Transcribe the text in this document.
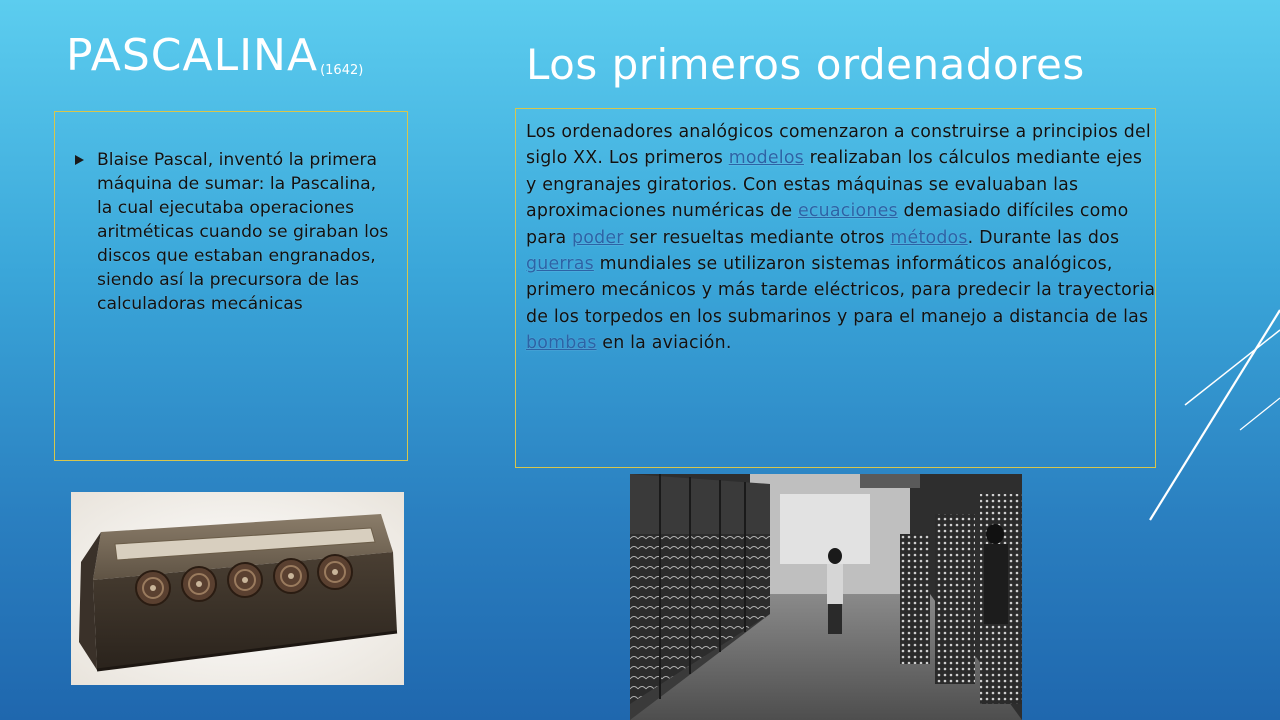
PASCALINA (1642)	Los primeros ordenadores
Blaise Pascal, inventó la primera máquina de sumar: la Pascalina, la cual ejecutaba operaciones aritméticas cuando se giraban los discos que estaban engranados, siendo así la precursora de las calculadoras mecánicas
Los ordenadores analógicos comenzaron a construirse a principios del siglo XX. Los primeros modelos realizaban los cálculos mediante ejes y engranajes giratorios. Con estas máquinas se evaluaban las aproximaciones numéricas de ecuaciones demasiado difíciles como para poder ser resueltas mediante otros métodos. Durante las dos guerras mundiales se utilizaron sistemas informáticos analógicos, primero mecánicos y más tarde eléctricos, para predecir la trayectoria de los torpedos en los submarinos y para el manejo a distancia de las bombas en la aviación.
